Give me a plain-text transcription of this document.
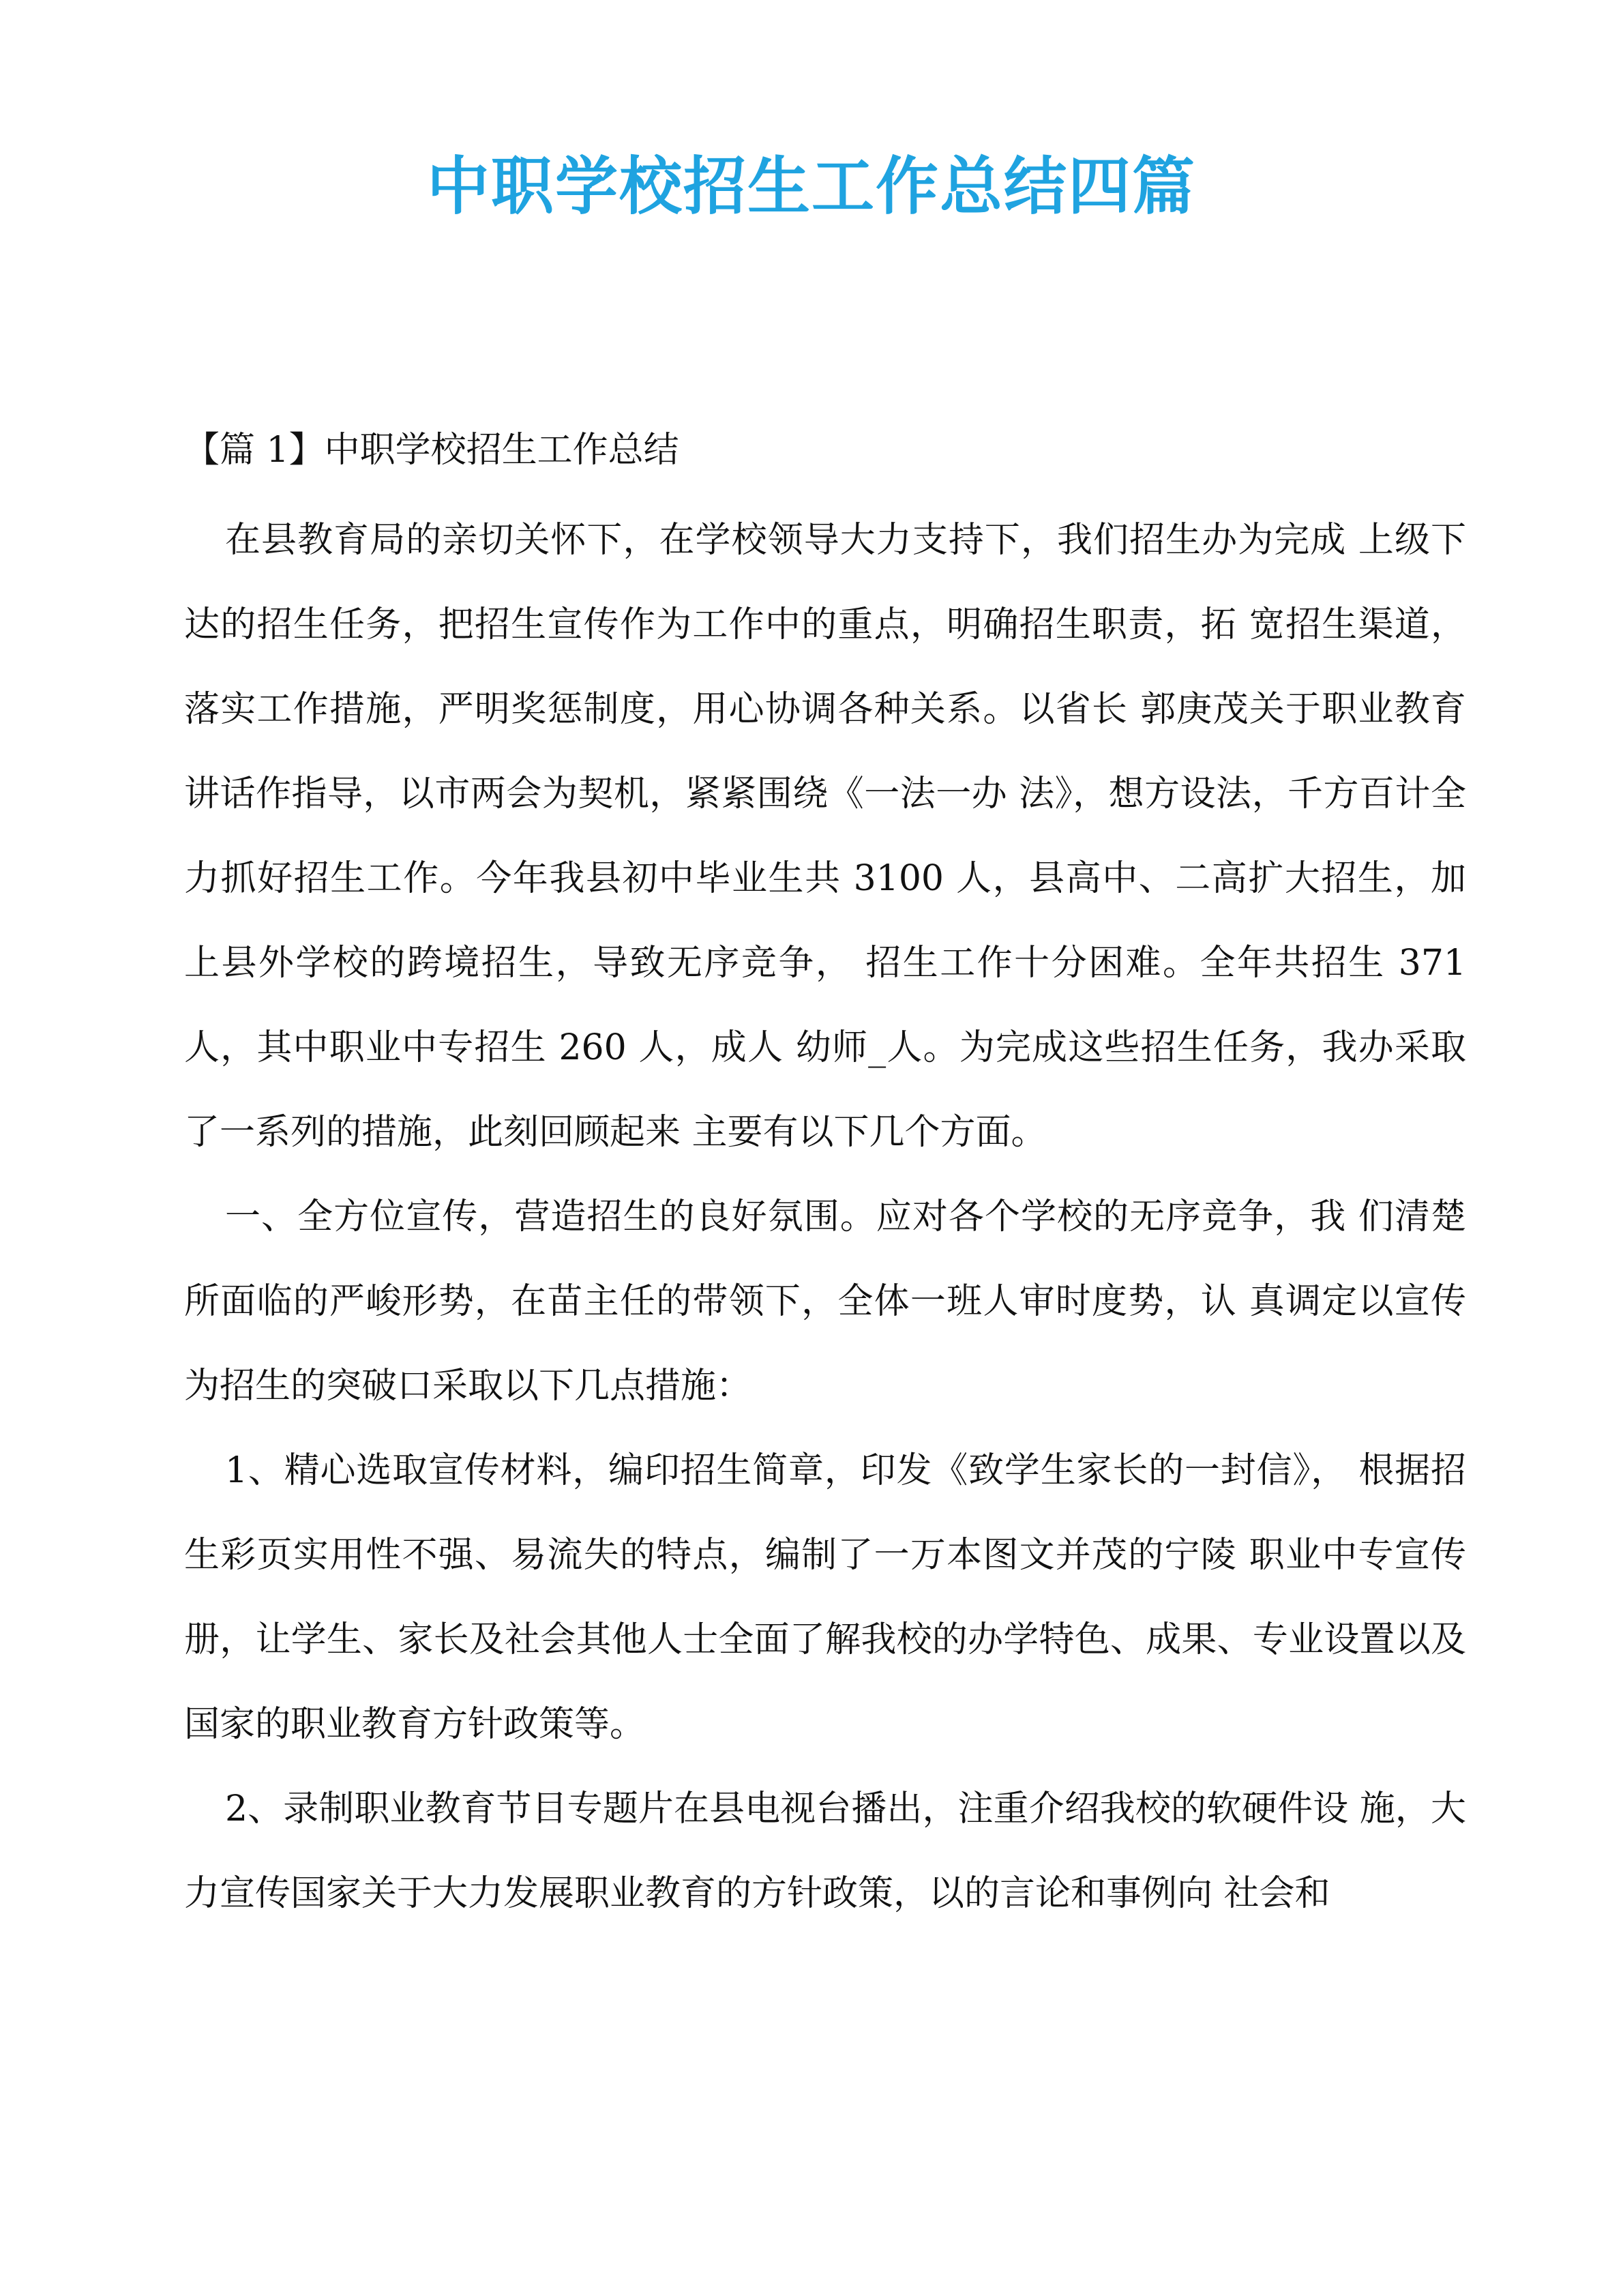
中职学校招生工作总结四篇

【篇 1】中职学校招生工作总结

在县教育局的亲切关怀下，在学校领导大力支持下，我们招生办为完成 上级下达的招生任务，把招生宣传作为工作中的重点，明确招生职责，拓 宽招生渠道，落实工作措施，严明奖惩制度，用心协调各种关系。以省长 郭庚茂关于职业教育讲话作指导，以市两会为契机，紧紧围绕《一法一办 法》，想方设法，千方百计全力抓好招生工作。今年我县初中毕业生共 3100 人，县高中、二高扩大招生，加上县外学校的跨境招生，导致无序竞争， 招生工作十分困难。全年共招生 371 人，其中职业中专招生 260 人，成人 幼师_人。为完成这些招生任务，我办采取了一系列的措施，此刻回顾起来 主要有以下几个方面。

一、全方位宣传，营造招生的良好氛围。应对各个学校的无序竞争，我 们清楚所面临的严峻形势，在苗主任的带领下，全体一班人审时度势，认 真调定以宣传为招生的突破口采取以下几点措施：

1、精心选取宣传材料，编印招生简章，印发《致学生家长的一封信》， 根据招生彩页实用性不强、易流失的特点，编制了一万本图文并茂的宁陵 职业中专宣传册，让学生、家长及社会其他人士全面了解我校的办学特色、成果、专业设置以及国家的职业教育方针政策等。

2、录制职业教育节目专题片在县电视台播出，注重介绍我校的软硬件设 施，大力宣传国家关于大力发展职业教育的方针政策，以的言论和事例向 社会和
